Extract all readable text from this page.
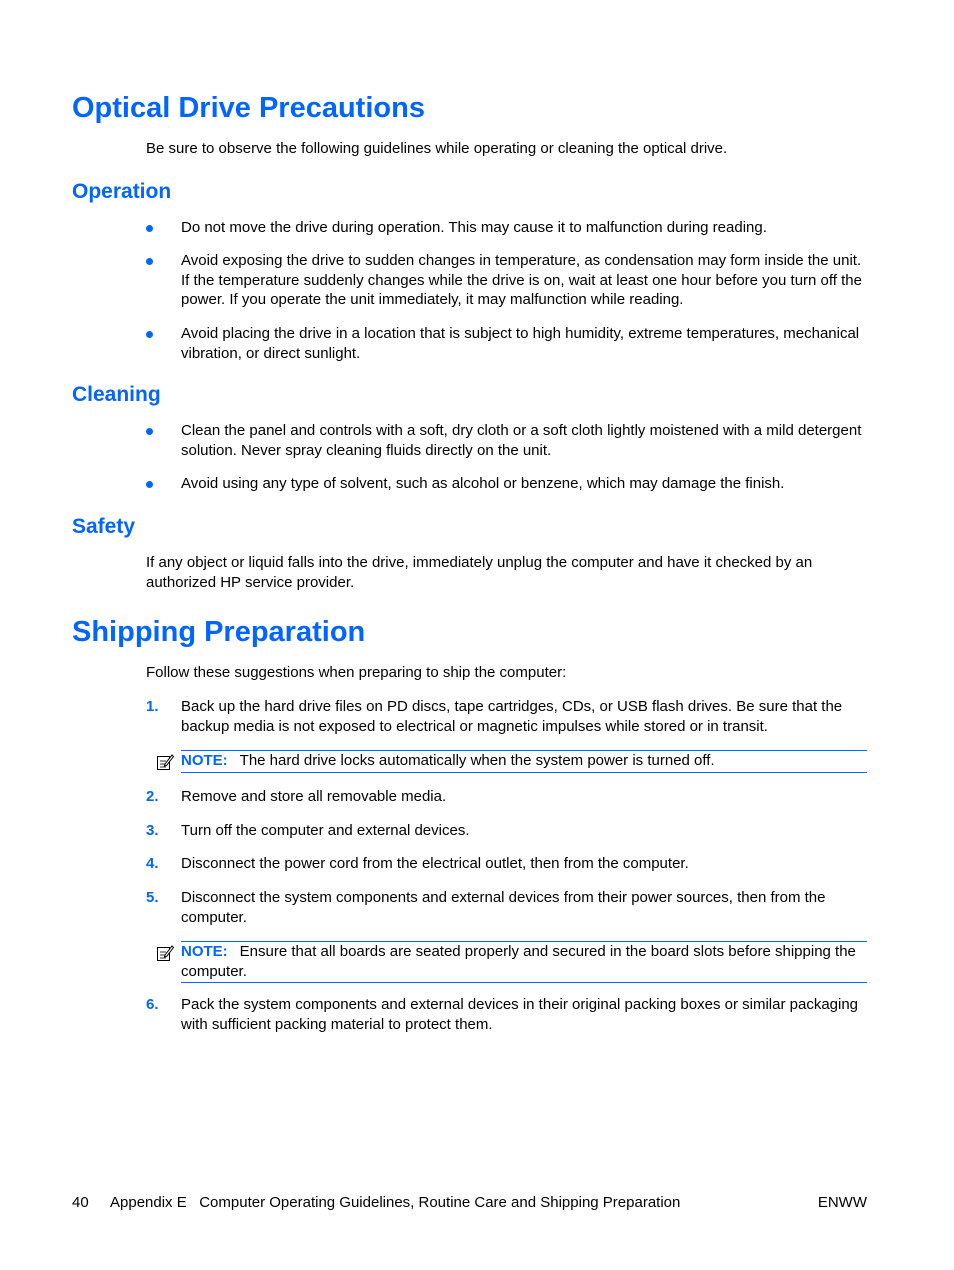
Optical Drive Precautions

Be sure to observe the following guidelines while operating or cleaning the optical drive.

Operation
Do not move the drive during operation. This may cause it to malfunction during reading.
Avoid exposing the drive to sudden changes in temperature, as condensation may form inside the unit. If the temperature suddenly changes while the drive is on, wait at least one hour before you turn off the power. If you operate the unit immediately, it may malfunction while reading.
Avoid placing the drive in a location that is subject to high humidity, extreme temperatures, mechanical vibration, or direct sunlight.
Cleaning
Clean the panel and controls with a soft, dry cloth or a soft cloth lightly moistened with a mild detergent solution. Never spray cleaning fluids directly on the unit.
Avoid using any type of solvent, such as alcohol or benzene, which may damage the finish.
Safety

If any object or liquid falls into the drive, immediately unplug the computer and have it checked by an authorized HP service provider.

Shipping Preparation

Follow these suggestions when preparing to ship the computer:

1. Back up the hard drive files on PD discs, tape cartridges, CDs, or USB flash drives. Be sure that the backup media is not exposed to electrical or magnetic impulses while stored or in transit.
NOTE: The hard drive locks automatically when the system power is turned off.
2. Remove and store all removable media.
3. Turn off the computer and external devices.
4. Disconnect the power cord from the electrical outlet, then from the computer.
5. Disconnect the system components and external devices from their power sources, then from the computer.
NOTE: Ensure that all boards are seated properly and secured in the board slots before shipping the computer.
6. Pack the system components and external devices in their original packing boxes or similar packaging with sufficient packing material to protect them.
40 Appendix E   Computer Operating Guidelines, Routine Care and Shipping Preparation	ENWW
